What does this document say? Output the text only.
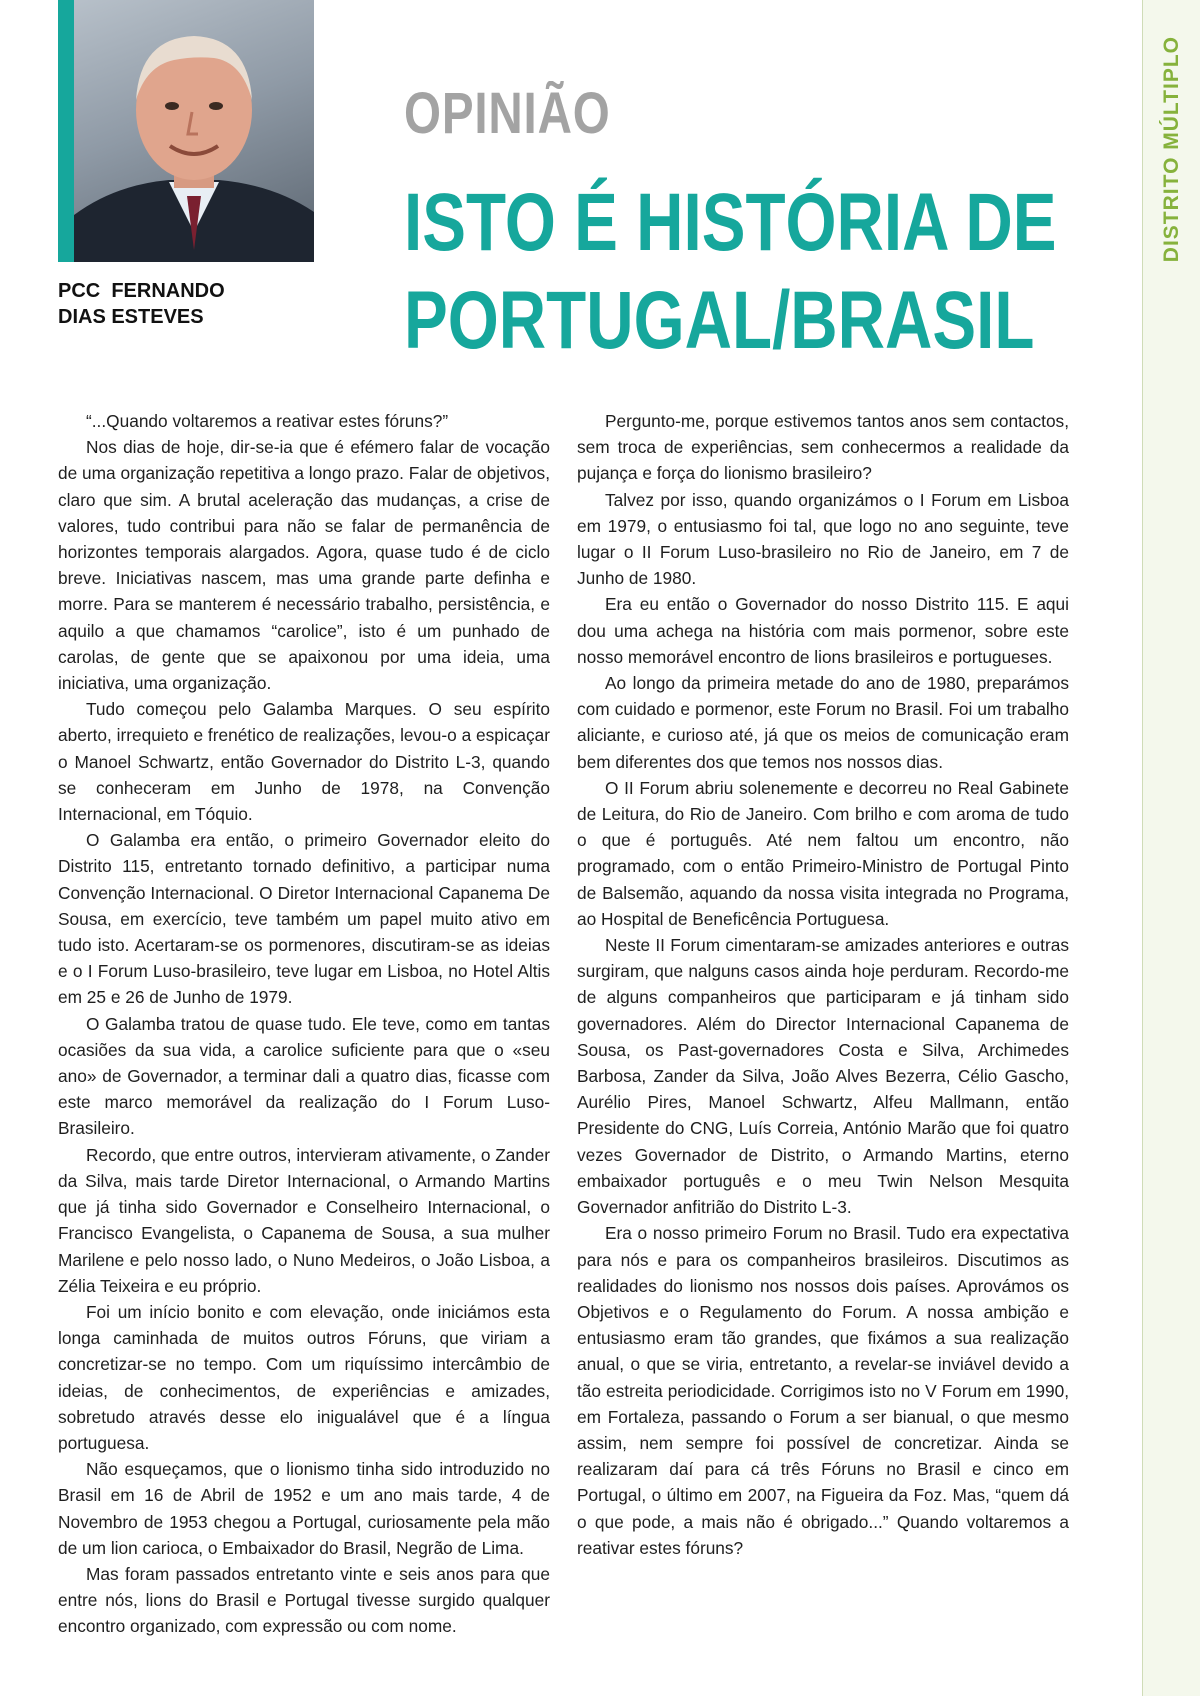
DISTRITO MÚLTIPLO
PCC  FERNANDO
DIAS ESTEVES
OPINIÃO
ISTO É HISTÓRIA DE
PORTUGAL/BRASIL

“...Quando voltaremos a reativar estes fóruns?”

Nos dias de hoje, dir-se-ia que é efémero falar de vocação de uma organização repetitiva a longo prazo. Falar de objetivos, claro que sim. A brutal aceleração das mudanças, a crise de valores, tudo contribui para não se falar de permanência de horizontes temporais alargados. Agora, quase tudo é de ciclo breve. Iniciativas nascem, mas uma grande parte definha e morre. Para se manterem é necessário trabalho, persistência, e aquilo a que chamamos “carolice”, isto é um punhado de carolas, de gente que se apaixonou por uma ideia, uma iniciativa, uma organização.

Tudo começou pelo Galamba Marques. O seu espírito aberto, irrequieto e frenético de realizações, levou-o a espicaçar o Manoel Schwartz, então Governador do Distrito L-3, quando se conheceram em Junho de 1978, na Convenção Internacional, em Tóquio.

O Galamba era então, o primeiro Governador eleito do Distrito 115, entretanto tornado definitivo, a participar numa Convenção Internacional. O Diretor Internacional Capanema De Sousa, em exercício, teve também um papel muito ativo em tudo isto. Acertaram-se os pormenores, discutiram-se as ideias e o I Forum Luso-brasileiro, teve lugar em Lisboa, no Hotel Altis em 25 e 26 de Junho de 1979.

O Galamba tratou de quase tudo. Ele teve, como em tantas ocasiões da sua vida, a carolice suficiente para que o «seu ano» de Governador, a terminar dali a quatro dias, ficasse com este marco memorável da realização do I Forum Luso-Brasileiro.

Recordo, que entre outros, intervieram ativamente, o Zander da Silva, mais tarde Diretor Internacional, o Armando Martins que já tinha sido Governador e Conselheiro Internacional, o Francisco Evangelista, o Capanema de Sousa, a sua mulher Marilene e pelo nosso lado, o Nuno Medeiros, o João Lisboa, a Zélia Teixeira e eu próprio.

Foi um início bonito e com elevação, onde iniciámos esta longa caminhada de muitos outros Fóruns, que viriam a concretizar-se no tempo. Com um riquíssimo intercâmbio de ideias, de conhecimentos, de experiências e amizades, sobretudo através desse elo inigualável que é a língua portuguesa.

Não esqueçamos, que o lionismo tinha sido introduzido no Brasil em 16 de Abril de 1952 e um ano mais tarde, 4 de Novembro de 1953 chegou a Portugal, curiosamente pela mão de um lion carioca, o Embaixador do Brasil, Negrão de Lima.

Mas foram passados entretanto vinte e seis anos para que entre nós, lions do Brasil e Portugal tivesse surgido qualquer encontro organizado, com expressão ou com nome.

Pergunto-me, porque estivemos tantos anos sem contactos, sem troca de experiências, sem conhecermos a realidade da pujança e força do lionismo brasileiro?

Talvez por isso, quando organizámos o I Forum em Lisboa em 1979, o entusiasmo foi tal, que logo no ano seguinte, teve lugar o II Forum Luso-brasileiro no Rio de Janeiro, em 7 de Junho de 1980.

Era eu então o Governador do nosso Distrito 115. E aqui dou uma achega na história com mais pormenor, sobre este nosso memorável encontro de lions brasileiros e portugueses.

Ao longo da primeira metade do ano de 1980, preparámos com cuidado e pormenor, este Forum no Brasil. Foi um trabalho aliciante, e curioso até, já que os meios de comunicação eram bem diferentes dos que temos nos nossos dias.

O II Forum abriu solenemente e decorreu no Real Gabinete de Leitura, do Rio de Janeiro. Com brilho e com aroma de tudo o que é português. Até nem faltou um encontro, não programado, com o então Primeiro-Ministro de Portugal Pinto de Balsemão, aquando da nossa visita integrada no Programa, ao Hospital de Beneficência Portuguesa.

Neste II Forum cimentaram-se amizades anteriores e outras surgiram, que nalguns casos ainda hoje perduram. Recordo-me de alguns companheiros que participaram e já tinham sido governadores. Além do Director Internacional Capanema de Sousa, os Past-governadores Costa e Silva, Archimedes Barbosa, Zander da Silva, João Alves Bezerra, Célio Gascho, Aurélio Pires, Manoel Schwartz, Alfeu Mallmann, então Presidente do CNG, Luís Correia, António Marão que foi quatro vezes Governador de Distrito, o Armando Martins, eterno embaixador português e o meu Twin Nelson Mesquita Governador anfitrião do Distrito L-3.

Era o nosso primeiro Forum no Brasil. Tudo era expectativa para nós e para os companheiros brasileiros. Discutimos as realidades do lionismo nos nossos dois países. Aprovámos os Objetivos e o Regulamento do Forum. A nossa ambição e entusiasmo eram tão grandes, que fixámos a sua realização anual, o que se viria, entretanto, a revelar-se inviável devido a tão estreita periodicidade. Corrigimos isto no V Forum em 1990, em Fortaleza, passando o Forum a ser bianual, o que mesmo assim, nem sempre foi possível de concretizar. Ainda se realizaram daí para cá três Fóruns no Brasil e cinco em Portugal, o último em 2007, na Figueira da Foz. Mas, “quem dá o que pode, a mais não é obrigado...” Quando voltaremos a reativar estes fóruns?
